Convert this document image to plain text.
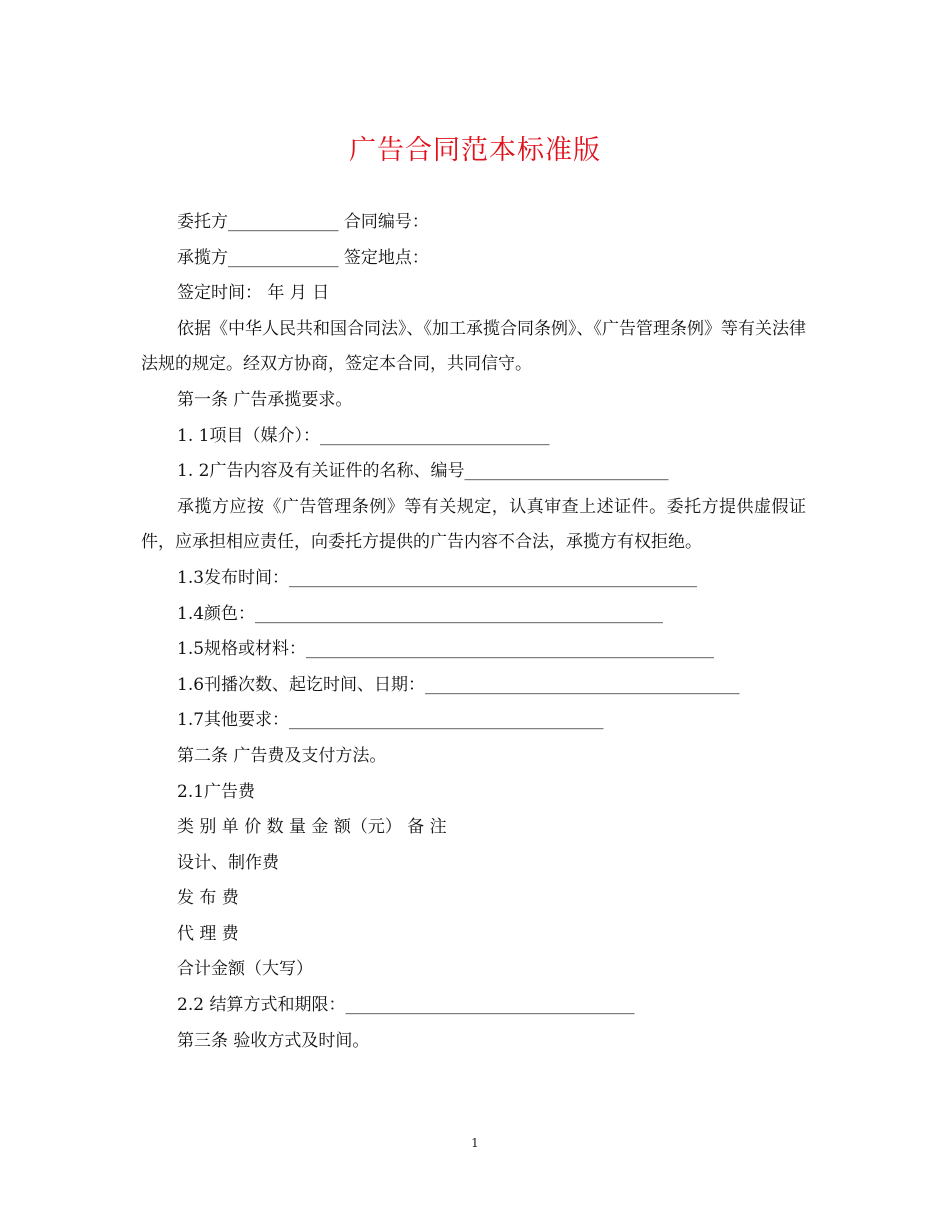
广告合同范本标准版

委托方_____________ 合同编号：

承揽方_____________ 签定地点：

签定时间： 年 月 日

依据《中华人民共和国合同法》、《加工承揽合同条例》、《广告管理条例》等有关法律法规的规定。经双方协商，签定本合同，共同信守。

第一条 广告承揽要求。

1. 1项目（媒介）：___________________________

1. 2广告内容及有关证件的名称、编号________________________

承揽方应按《广告管理条例》等有关规定，认真审查上述证件。委托方提供虚假证件，应承担相应责任，向委托方提供的广告内容不合法，承揽方有权拒绝。

1.3发布时间：________________________________________________

1.4颜色：________________________________________________

1.5规格或材料：________________________________________________

1.6刊播次数、起讫时间、日期：_____________________________________

1.7其他要求：_____________________________________

第二条 广告费及支付方法。

2.1广告费

类 别 单 价 数 量 金 额（元） 备 注

设计、制作费

发 布 费

代 理 费

合计金额（大写）

2.2 结算方式和期限：__________________________________

第三条 验收方式及时间。

1
